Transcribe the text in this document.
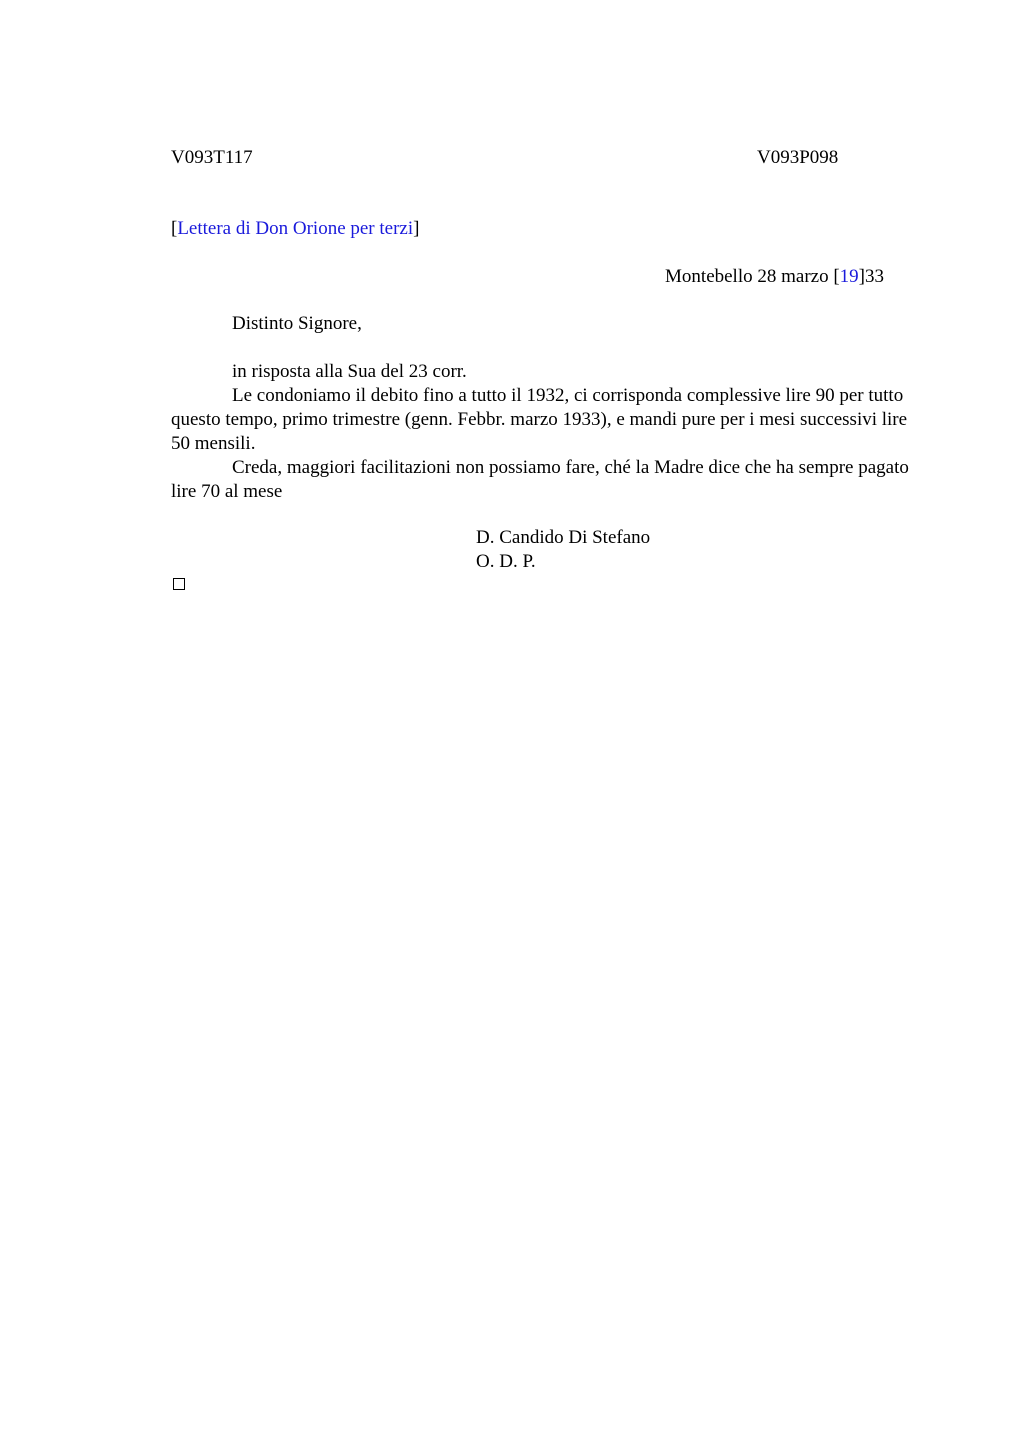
V093T117	V093P098
[Lettera di Don Orione per terzi]
Montebello 28 marzo [19]33
Distinto Signore,

in risposta alla Sua del 23 corr.

Le condoniamo il debito fino a tutto il 1932, ci corrisponda complessive lire 90 per tutto questo tempo, primo trimestre (genn. Febbr. marzo 1933), e mandi pure per i mesi successivi lire 50 mensili.

Creda, maggiori facilitazioni non possiamo fare, ché la Madre dice che ha sempre pagato lire 70 al mese

D. Candido Di Stefano
O. D. P.
